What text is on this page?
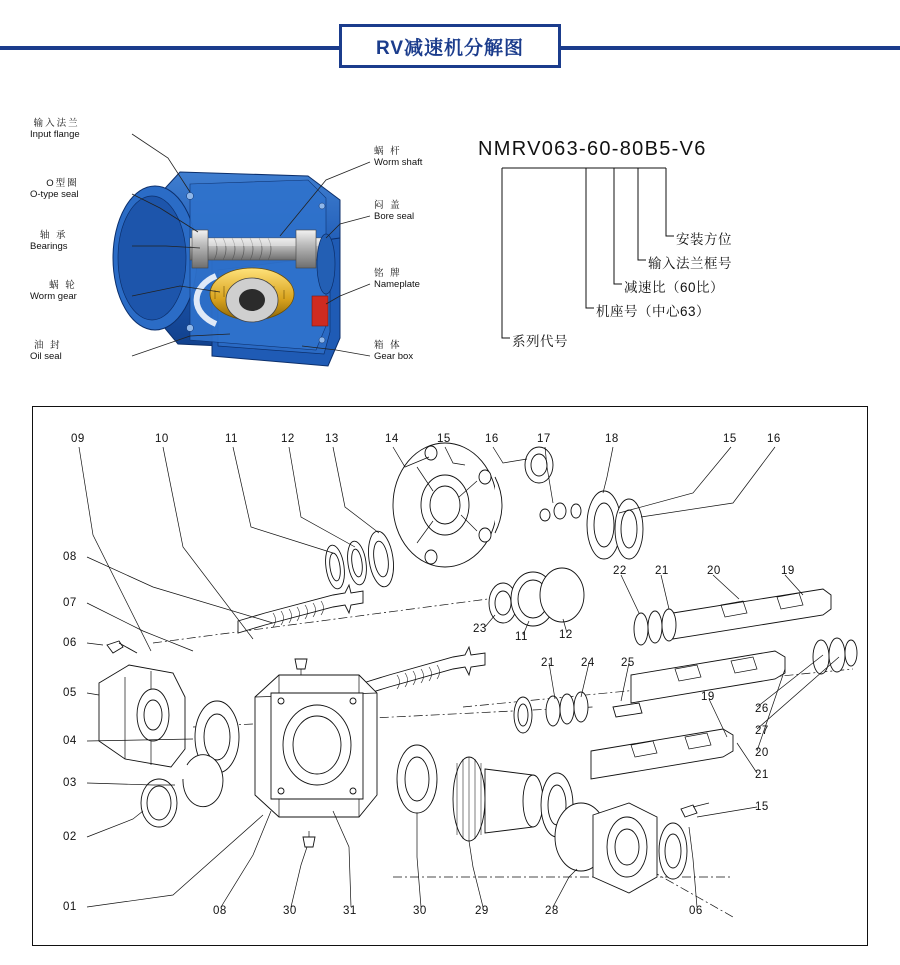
RV减速机分解图
输入法兰
Input flange
O型圈
O-type seal
轴 承
Bearings
蜗 轮
Worm gear
油 封
Oil seal
蜗 杆
Worm shaft
闷 盖
Bore seal
铭 牌
Nameplate
箱 体
Gear box
NMRV063-60-80B5-V6
安装方位
输入法兰框号
减速比（60比）
机座号（中心63）
系列代号
09	10	11	12	13	14	15	16	17	18	15	16
08
07
06
05
04
03
02
01	08	30	31	30	29	28	06
22 21	20	19
19
26
27
20
21
15
23
11	12
21 24 25
